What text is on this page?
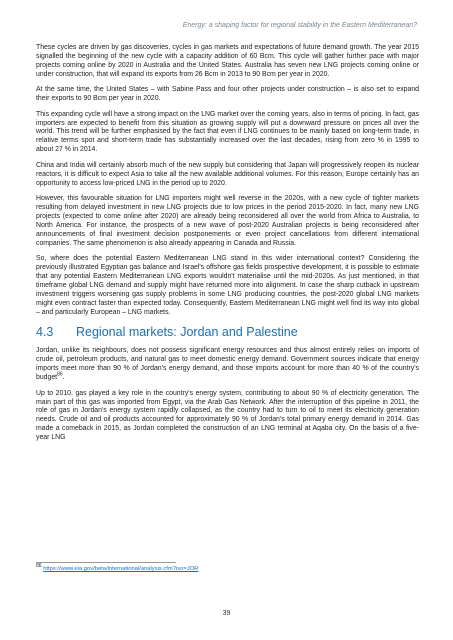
Energy: a shaping factor for regional stability in the Eastern Mediterranean?

These cycles are driven by gas discoveries, cycles in gas markets and expectations of future demand growth. The year 2015 signalled the beginning of the new cycle with a capacity addition of 60 Bcm. This cycle will gather further pace with major projects coming online by 2020 in Australia and the United States. Australia has seven new LNG projects coming online or under construction, that will expand its exports from 26 Bcm in 2013 to 90 Bcm per year in 2020.

At the same time, the United States – with Sabine Pass and four other projects under construction – is also set to expand their exports to 90 Bcm per year in 2020.

This expanding cycle will have a strong impact on the LNG market over the coming years, also in terms of pricing. In fact, gas importers are expected to benefit from this situation as growing supply will put a downward pressure on prices all over the world. This trend will be further emphasised by the fact that even if LNG continues to be mainly based on long-term trade, in relative terms spot and short-term trade has substantially increased over the last decades, rising from zero % in 1995 to about 27 % in 2014.

China and India will certainly absorb much of the new supply but considering that Japan will progressively reopen its nuclear reactors, it is difficult to expect Asia to take all the new available additional volumes. For this reason, Europe certainly has an opportunity to access low-priced LNG in the period up to 2020.

However, this favourable situation for LNG importers might well reverse in the 2020s, with a new cycle of tighter markets resulting from delayed investment in new LNG projects due to low prices in the period 2015-2020. In fact, many new LNG projects (expected to come online after 2020) are already being reconsidered all over the world from Africa to Australia, to North America. For instance, the prospects of a new wave of post-2020 Australian projects is being reconsidered after announcements of final investment decision postponements or even project cancellations from different international companies. The same phenomenon is also already appearing in Canada and Russia.

So, where does the potential Eastern Mediterranean LNG stand in this wider international context? Considering the previously illustrated Egyptian gas balance and Israel's offshore gas fields prospective development, it is possible to estimate that any potential Eastern Mediterranean LNG exports wouldn't materialise until the mid-2020s. As just mentioned, in that timeframe global LNG demand and supply might have returned more into alignment. In case the sharp cutback in upstream investment triggers worsening gas supply problems in some LNG producing countries, the post-2020 global LNG markets might even contract faster than expected today. Consequently, Eastern Mediterranean LNG might well find its way into global – and particularly European – LNG markets.

4.3	Regional markets: Jordan and Palestine

Jordan, unlike its neighbours, does not possess significant energy resources and thus almost entirely relies on imports of crude oil, petroleum products, and natural gas to meet domestic energy demand. Government sources indicate that energy imports meet more than 90 % of Jordan's energy demand, and those imports account for more than 40 % of the country's budget$^{86}$.

Up to 2010, gas played a key role in the country's energy system, contributing to about 90 % of electricity generation. The main part of this gas was imported from Egypt, via the Arab Gas Network. After the interruption of this pipeline in 2011, the role of gas in Jordan's energy system rapidly collapsed, as the country had to turn to oil to meet its electricity generation needs. Crude oil and oil products accounted for approximately 90 % of Jordan's total primary energy demand in 2014. Gas made a comeback in 2015, as Jordan completed the construction of an LNG terminal at Aqaba city. On the basis of a five-year LNG

$^{86}$ https://www.eia.gov/beta/international/analysis.cfm?iso=JOR
39
